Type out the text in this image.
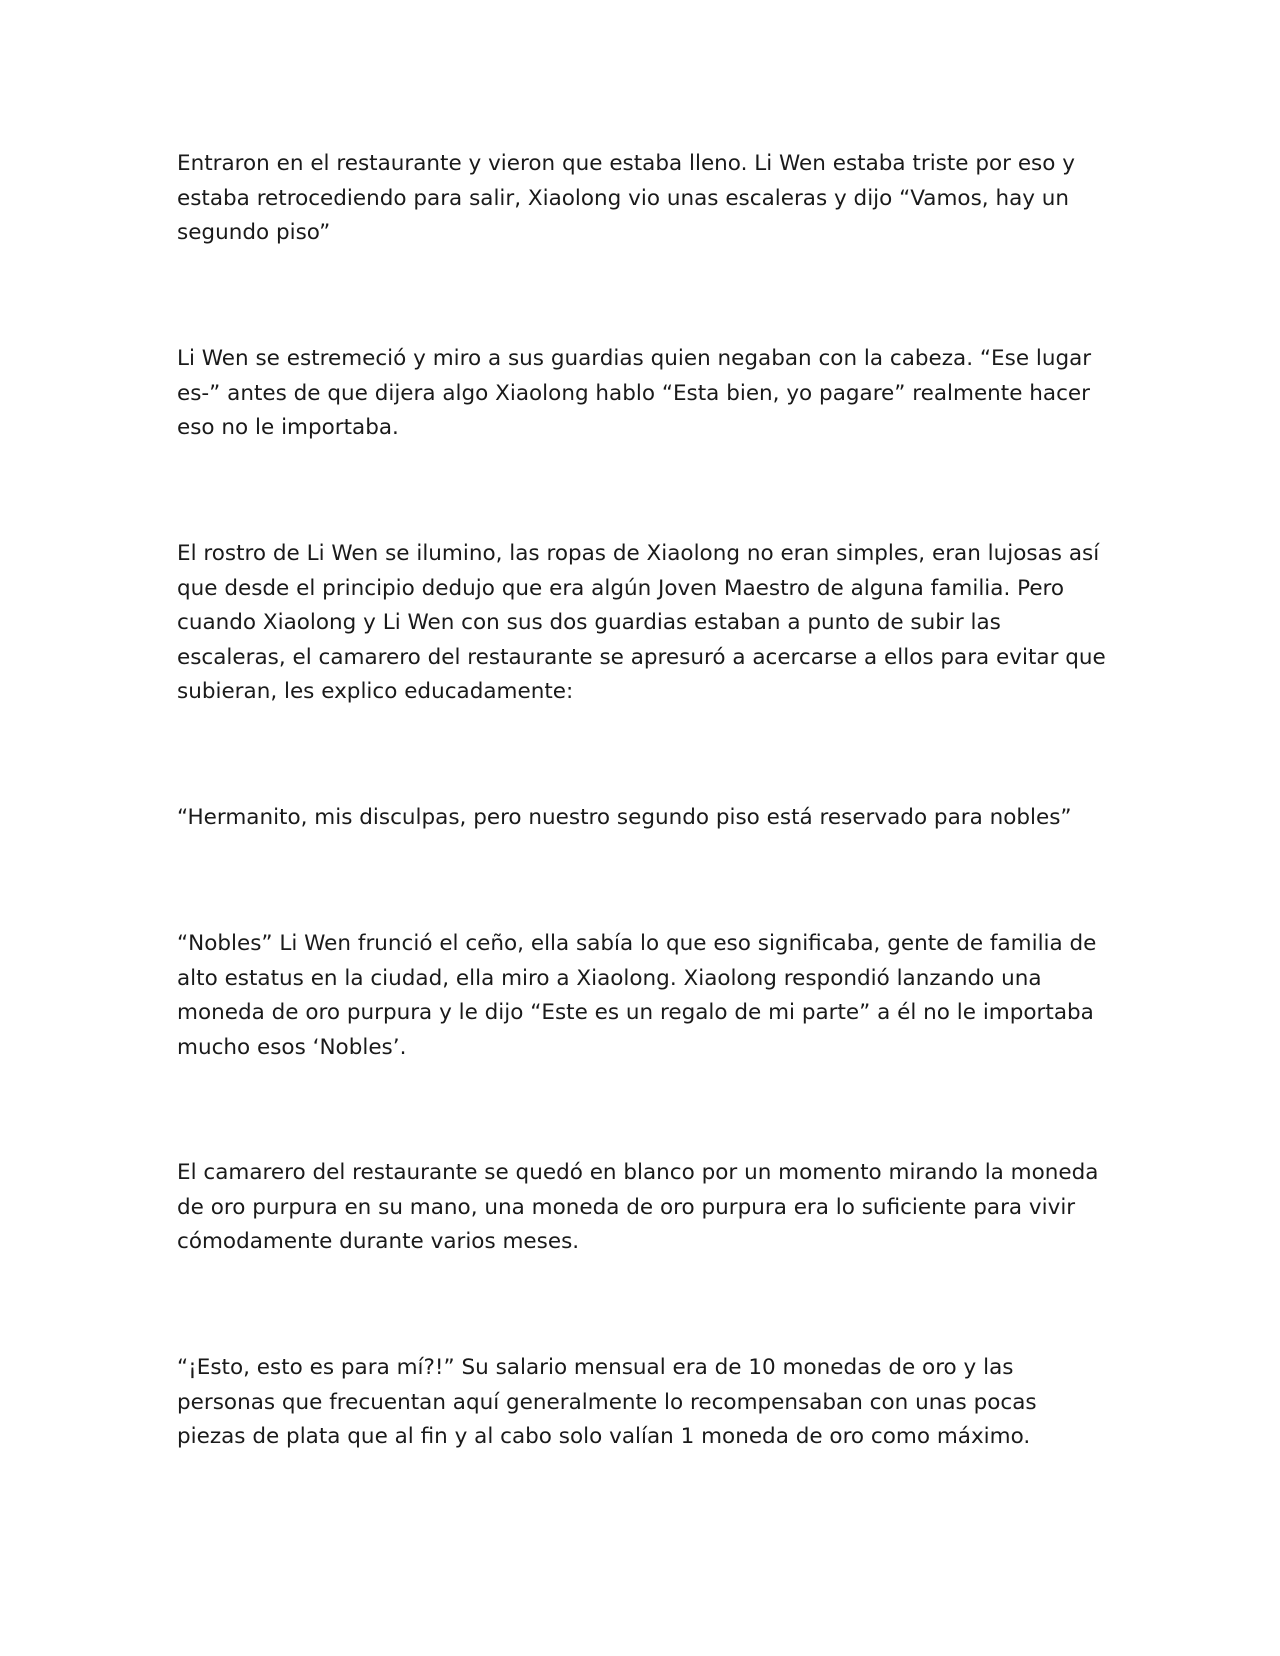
Entraron en el restaurante y vieron que estaba lleno. Li Wen estaba triste por eso y estaba retrocediendo para salir, Xiaolong vio unas escaleras y dijo “Vamos, hay un segundo piso”

Li Wen se estremeció y miro a sus guardias quien negaban con la cabeza. “Ese lugar es-” antes de que dijera algo Xiaolong hablo “Esta bien, yo pagare” realmente hacer eso no le importaba.

El rostro de Li Wen se ilumino, las ropas de Xiaolong no eran simples, eran lujosas así que desde el principio dedujo que era algún Joven Maestro de alguna familia. Pero cuando Xiaolong y Li Wen con sus dos guardias estaban a punto de subir las escaleras, el camarero del restaurante se apresuró a acercarse a ellos para evitar que subieran, les explico educadamente:

“Hermanito, mis disculpas, pero nuestro segundo piso está reservado para nobles”

“Nobles” Li Wen frunció el ceño, ella sabía lo que eso significaba, gente de familia de alto estatus en la ciudad, ella miro a Xiaolong. Xiaolong respondió lanzando una moneda de oro purpura y le dijo “Este es un regalo de mi parte” a él no le importaba mucho esos ‘Nobles’.

El camarero del restaurante se quedó en blanco por un momento mirando la moneda de oro purpura en su mano, una moneda de oro purpura era lo suficiente para vivir cómodamente durante varios meses.

“¡Esto, esto es para mí?!” Su salario mensual era de 10 monedas de oro y las personas que frecuentan aquí generalmente lo recompensaban con unas pocas piezas de plata que al fin y al cabo solo valían 1 moneda de oro como máximo.
